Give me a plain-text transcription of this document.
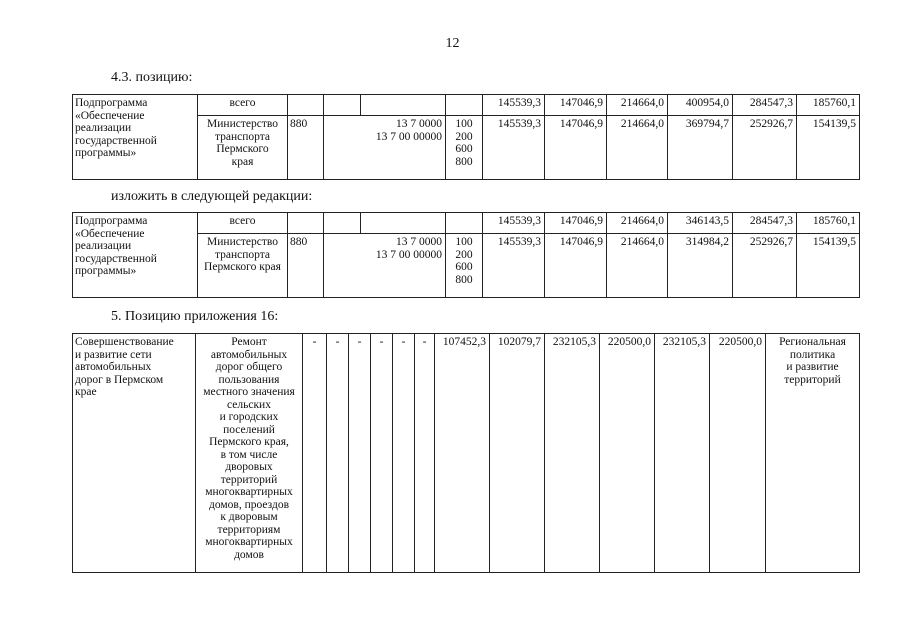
12
4.3. позицию:
Подпрограмма
«Обеспечение
реализации
государственной
программы»	всего					145539,3	147046,9	214664,0	400954,0	284547,3	185760,1
	Министерство
транспорта
Пермского
края	880	13 7 0000
13 7 00 00000		100
200
600
800	145539,3	147046,9	214664,0	369794,7	252926,7	154139,5
изложить в следующей редакции:
Подпрограмма
«Обеспечение
реализации
государственной
программы»	всего					145539,3	147046,9	214664,0	346143,5	284547,3	185760,1
	Министерство
транспорта
Пермского края	880	13 7 0000
13 7 00 00000		100
200
600
800	145539,3	147046,9	214664,0	314984,2	252926,7	154139,5
5. Позицию приложения 16:
Совершенствование
и развитие сети
автомобильных
дорог в Пермском
крае	Ремонт
автомобильных
дорог общего
пользования
местного значения
сельских
и городских
поселений
Пермского края,
в том числе
дворовых
территорий
многоквартирных
домов, проездов
к дворовым
территориям
многоквартирных
домов	-	-	-	-	-	-	107452,3	102079,7	232105,3	220500,0	232105,3	220500,0	Региональная
политика
и развитие
территорий
